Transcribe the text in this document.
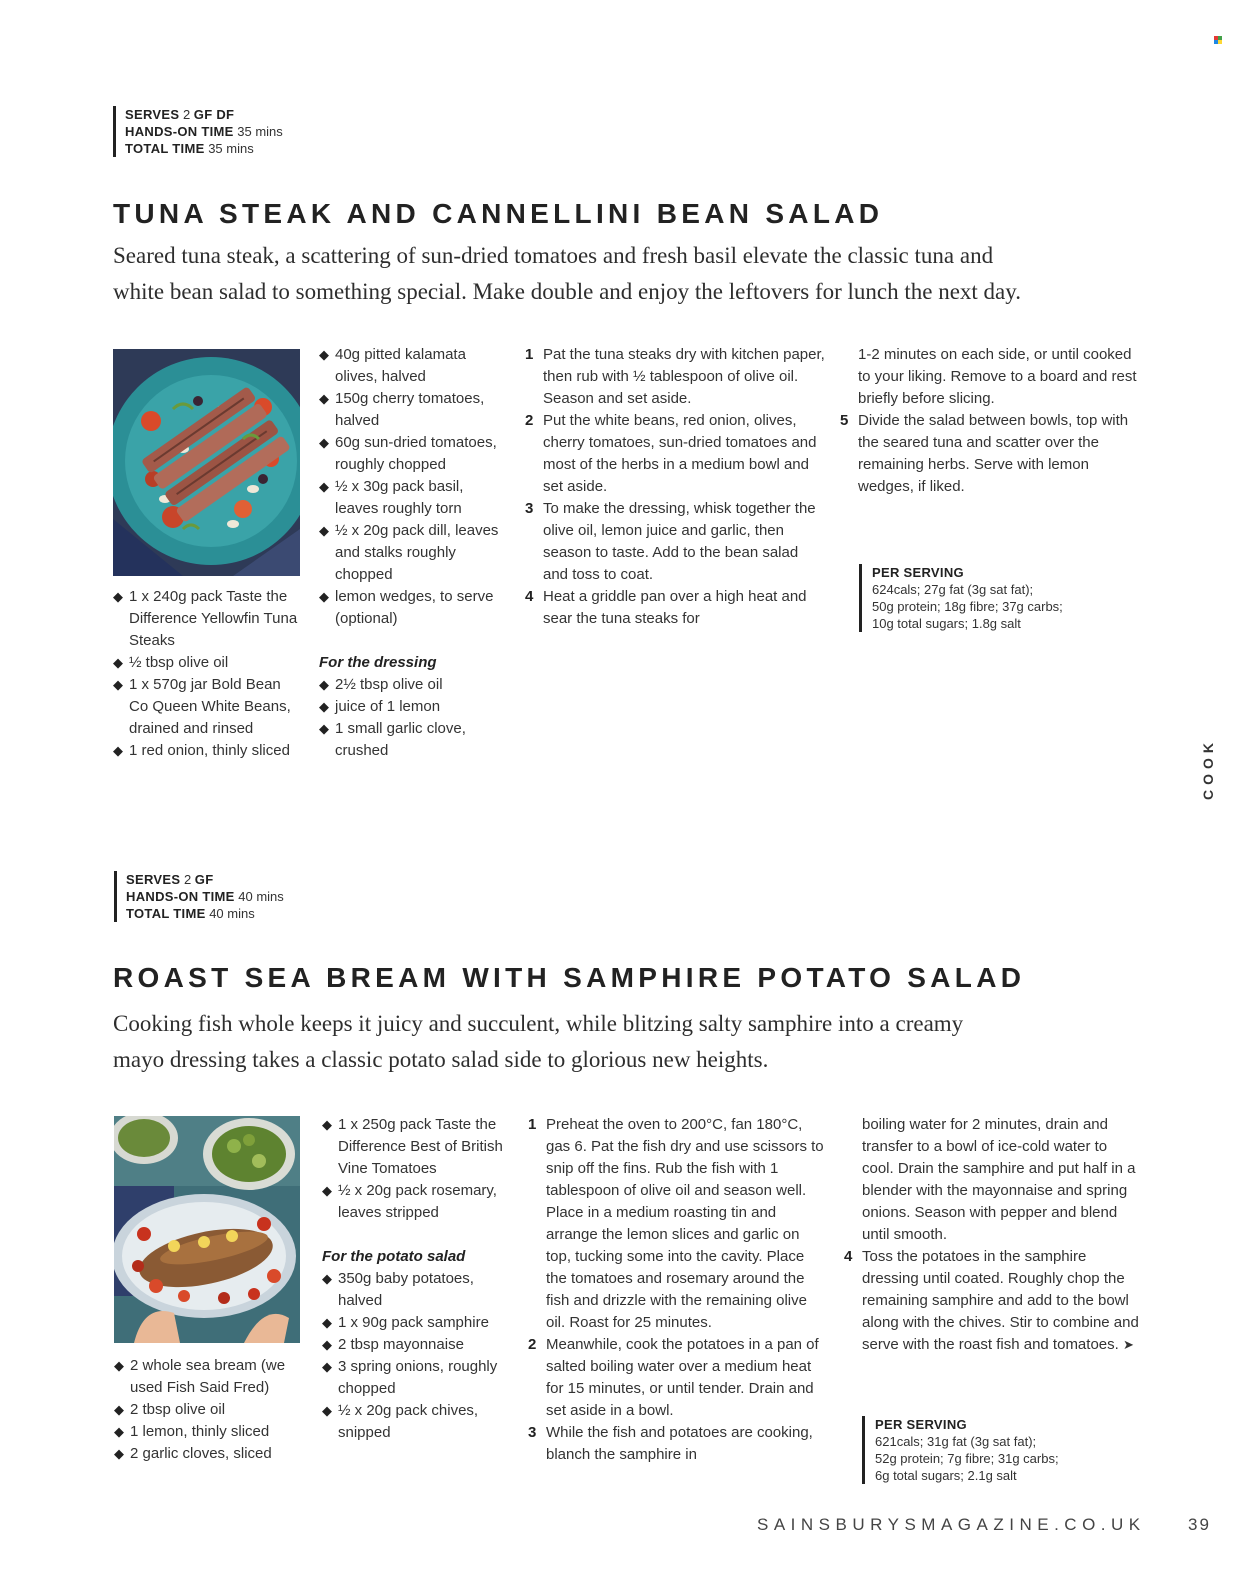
SERVES 2 GF DF
HANDS-ON TIME 35 mins
TOTAL TIME 35 mins
TUNA STEAK AND CANNELLINI BEAN SALAD
Seared tuna steak, a scattering of sun-dried tomatoes and fresh basil elevate the classic tuna and
white bean salad to something special. Make double and enjoy the leftovers for lunch the next day.
◆ 1 x 240g pack Taste the Difference Yellowfin Tuna Steaks
◆ ½ tbsp olive oil
◆ 1 x 570g jar Bold Bean Co Queen White Beans, drained and rinsed
◆ 1 red onion, thinly sliced
◆ 40g pitted kalamata olives, halved
◆ 150g cherry tomatoes, halved
◆ 60g sun-dried tomatoes, roughly chopped
◆ ½ x 30g pack basil, leaves roughly torn
◆ ½ x 20g pack dill, leaves and stalks roughly chopped
◆ lemon wedges, to serve (optional)
For the dressing
◆ 2½ tbsp olive oil
◆ juice of 1 lemon
◆ 1 small garlic clove, crushed
1 Pat the tuna steaks dry with kitchen paper, then rub with ½ tablespoon of olive oil. Season and set aside.
2 Put the white beans, red onion, olives, cherry tomatoes, sun-dried tomatoes and most of the herbs in a medium bowl and set aside.
3 To make the dressing, whisk together the olive oil, lemon juice and garlic, then season to taste. Add to the bean salad and toss to coat.
4 Heat a griddle pan over a high heat and sear the tuna steaks for
1-2 minutes on each side, or until cooked to your liking. Remove to a board and rest briefly before slicing.
5 Divide the salad between bowls, top with the seared tuna and scatter over the remaining herbs. Serve with lemon wedges, if liked.
PER SERVING
624cals; 27g fat (3g sat fat);
50g protein; 18g fibre; 37g carbs;
10g total sugars; 1.8g salt
COOK
SERVES 2 GF
HANDS-ON TIME 40 mins
TOTAL TIME 40 mins
ROAST SEA BREAM WITH SAMPHIRE POTATO SALAD
Cooking fish whole keeps it juicy and succulent, while blitzing salty samphire into a creamy
mayo dressing takes a classic potato salad side to glorious new heights.
◆ 2 whole sea bream (we used Fish Said Fred)
◆ 2 tbsp olive oil
◆ 1 lemon, thinly sliced
◆ 2 garlic cloves, sliced
◆ 1 x 250g pack Taste the Difference Best of British Vine Tomatoes
◆ ½ x 20g pack rosemary, leaves stripped
For the potato salad
◆ 350g baby potatoes, halved
◆ 1 x 90g pack samphire
◆ 2 tbsp mayonnaise
◆ 3 spring onions, roughly chopped
◆ ½ x 20g pack chives, snipped
1 Preheat the oven to 200°C, fan 180°C, gas 6. Pat the fish dry and use scissors to snip off the fins. Rub the fish with 1 tablespoon of olive oil and season well. Place in a medium roasting tin and arrange the lemon slices and garlic on top, tucking some into the cavity. Place the tomatoes and rosemary around the fish and drizzle with the remaining olive oil. Roast for 25 minutes.
2 Meanwhile, cook the potatoes in a pan of salted boiling water over a medium heat for 15 minutes, or until tender. Drain and set aside in a bowl.
3 While the fish and potatoes are cooking, blanch the samphire in
boiling water for 2 minutes, drain and transfer to a bowl of ice-cold water to cool. Drain the samphire and put half in a blender with the mayonnaise and spring onions. Season with pepper and blend until smooth.
4 Toss the potatoes in the samphire dressing until coated. Roughly chop the remaining samphire and add to the bowl along with the chives. Stir to combine and serve with the roast fish and tomatoes. ➤
PER SERVING
621cals; 31g fat (3g sat fat);
52g protein; 7g fibre; 31g carbs;
6g total sugars; 2.1g salt
SAINSBURYSMAGAZINE.CO.UK 39
